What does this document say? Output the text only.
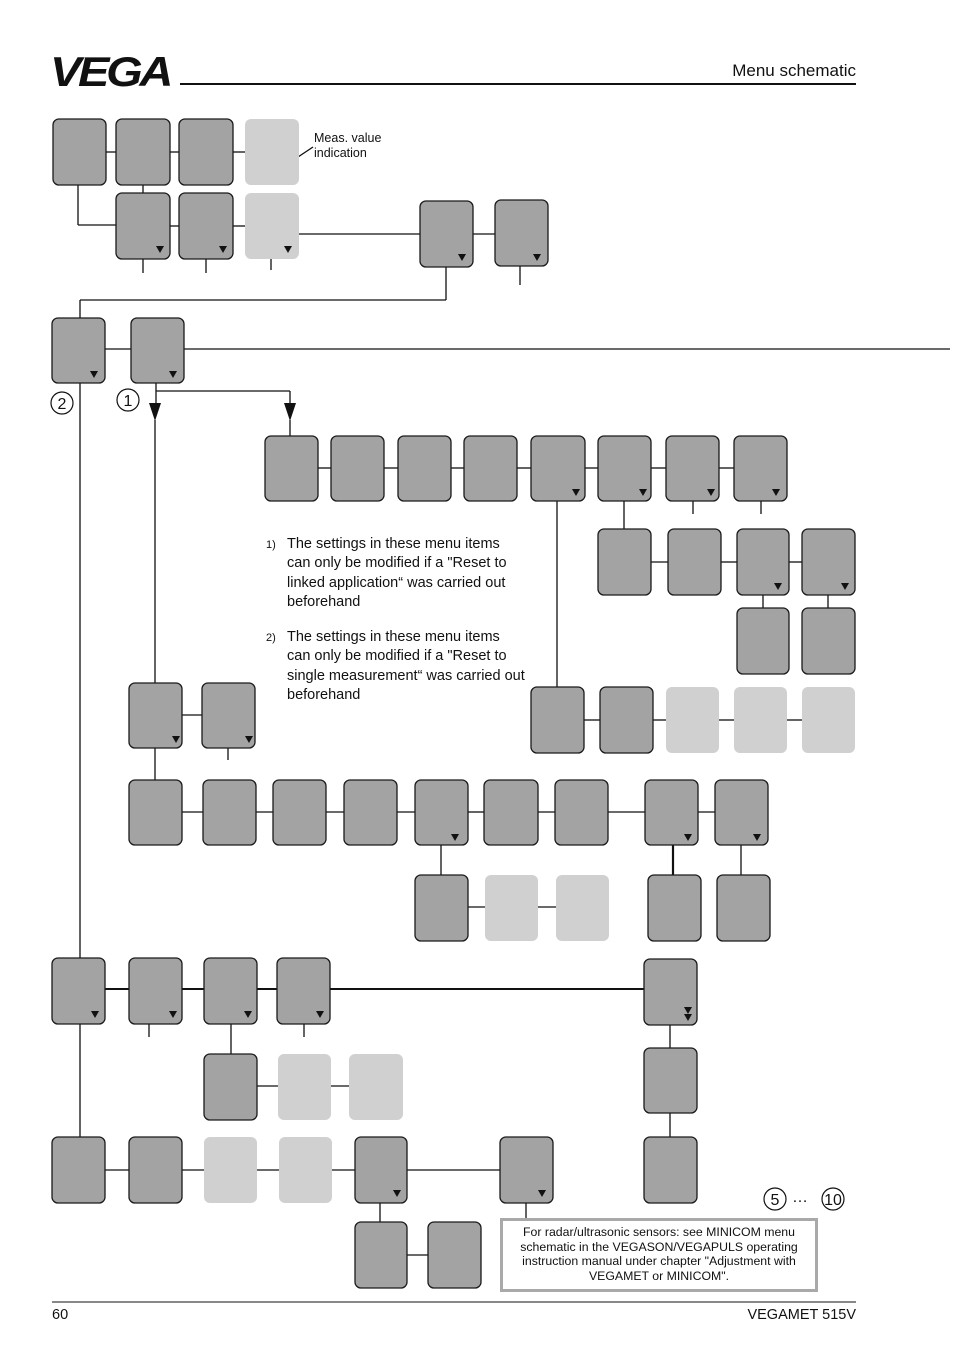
VEGA
2	1
5	10
Menu schematic
Meas. value
indication
1) The settings in these menu items can only be modified if a "Reset to linked application“ was carried out beforehand
2) The settings in these menu items can only be modified if a "Reset to single measurement“ was carried out beforehand
…
For radar/ultrasonic sensors: see MINICOM menu
schematic in the VEGASON/VEGAPULS operating
instruction manual under chapter "Adjustment with
VEGAMET or MINICOM".
60	VEGAMET 515V
